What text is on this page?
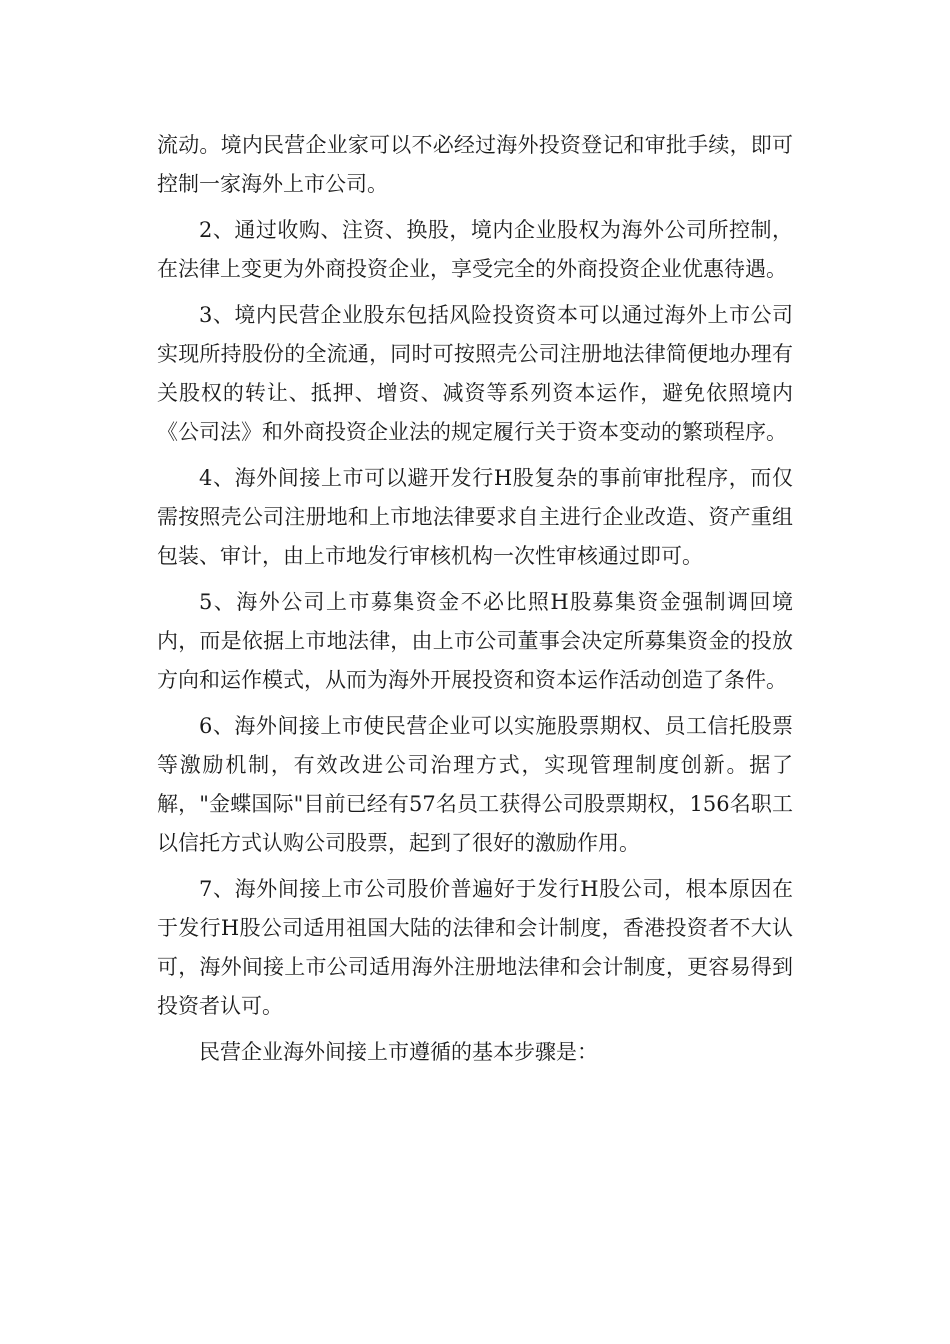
流动。境内民营企业家可以不必经过海外投资登记和审批手续，即可控制一家海外上市公司。

2、通过收购、注资、换股，境内企业股权为海外公司所控制，在法律上变更为外商投资企业，享受完全的外商投资企业优惠待遇。

3、境内民营企业股东包括风险投资资本可以通过海外上市公司实现所持股份的全流通，同时可按照壳公司注册地法律简便地办理有关股权的转让、抵押、增资、减资等系列资本运作，避免依照境内《公司法》和外商投资企业法的规定履行关于资本变动的繁琐程序。

4、海外间接上市可以避开发行H股复杂的事前审批程序，而仅需按照壳公司注册地和上市地法律要求自主进行企业改造、资产重组包装、审计，由上市地发行审核机构一次性审核通过即可。

5、海外公司上市募集资金不必比照H股募集资金强制调回境内，而是依据上市地法律，由上市公司董事会决定所募集资金的投放方向和运作模式，从而为海外开展投资和资本运作活动创造了条件。

6、海外间接上市使民营企业可以实施股票期权、员工信托股票等激励机制，有效改进公司治理方式，实现管理制度创新。据了解，"金蝶国际"目前已经有57名员工获得公司股票期权，156名职工以信托方式认购公司股票，起到了很好的激励作用。

7、海外间接上市公司股价普遍好于发行H股公司，根本原因在于发行H股公司适用祖国大陆的法律和会计制度，香港投资者不大认可，海外间接上市公司适用海外注册地法律和会计制度，更容易得到投资者认可。

民营企业海外间接上市遵循的基本步骤是：
